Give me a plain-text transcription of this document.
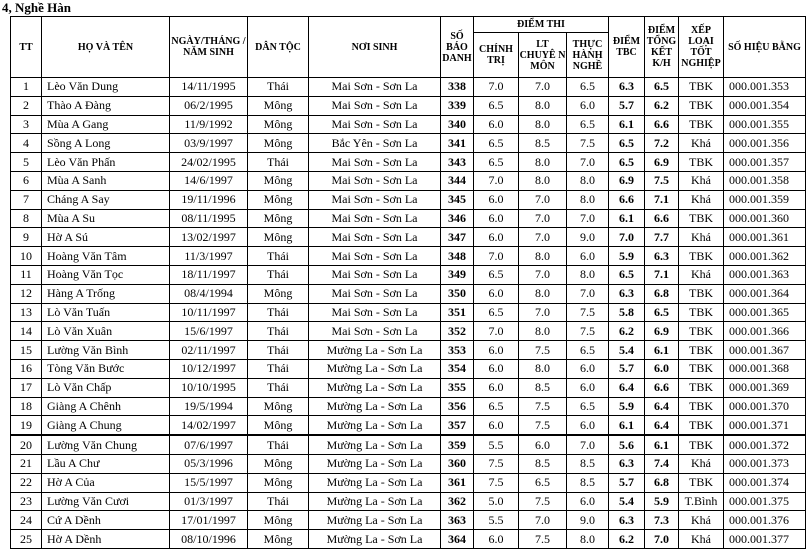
4, Nghề Hàn
TT	HỌ VÀ TÊN	NGÀY/THÁNG / NĂM SINH	DÂN TỘC	NƠI SINH	SỐ BÁO DANH	ĐIỂM THI			ĐIỂM TBC	ĐIỂM TỔNG KẾT K/H	XẾP LOẠI TỐT NGHIỆP	SỐ HIỆU BẰNG
						CHÍNH TRỊ	LT CHUYÊ N MÔN	THỰC HÀNH NGHỀ				
1	Lèo Văn Dung	14/11/1995	Thái	Mai Sơn - Sơn La	338	7.0	7.0	6.5	6.3	6.5	TBK	000.001.353
2	Thào A Đàng	06/2/1995	Mông	Mai Sơn - Sơn La	339	6.5	8.0	6.0	5.7	6.2	TBK	000.001.354
3	Mùa A Gang	11/9/1992	Mông	Mai Sơn - Sơn La	340	6.0	8.0	6.5	6.1	6.6	TBK	000.001.355
4	Sồng A Long	03/9/1997	Mông	Bắc Yên - Sơn La	341	6.5	8.5	7.5	6.5	7.2	Khá	000.001.356
5	Lèo Văn Phấn	24/02/1995	Thái	Mai Sơn - Sơn La	343	6.5	8.0	7.0	6.5	6.9	TBK	000.001.357
6	Mùa A Sanh	14/6/1997	Mông	Mai Sơn - Sơn La	344	7.0	8.0	8.0	6.9	7.5	Khá	000.001.358
7	Cháng A Say	19/11/1996	Mông	Mai Sơn - Sơn La	345	6.0	7.0	8.0	6.6	7.1	Khá	000.001.359
8	Mùa A Su	08/11/1995	Mông	Mai Sơn - Sơn La	346	6.0	7.0	7.0	6.1	6.6	TBK	000.001.360
9	Hờ A Sú	13/02/1997	Mông	Mai Sơn - Sơn La	347	6.0	7.0	9.0	7.0	7.7	Khá	000.001.361
10	Hoàng Văn Tâm	11/3/1997	Thái	Mai Sơn - Sơn La	348	7.0	8.0	6.0	5.9	6.3	TBK	000.001.362
11	Hoàng Văn Tọc	18/11/1997	Thái	Mai Sơn - Sơn La	349	6.5	7.0	8.0	6.5	7.1	Khá	000.001.363
12	Hàng A Trống	08/4/1994	Mông	Mai Sơn - Sơn La	350	6.0	8.0	7.0	6.3	6.8	TBK	000.001.364
13	Lò Văn Tuấn	10/11/1997	Thái	Mai Sơn - Sơn La	351	6.5	7.0	7.5	5.8	6.5	TBK	000.001.365
14	Lò Văn Xuân	15/6/1997	Thái	Mai Sơn - Sơn La	352	7.0	8.0	7.5	6.2	6.9	TBK	000.001.366
15	Lường Văn Bình	02/11/1997	Thái	Mường La - Sơn La	353	6.0	7.5	6.5	5.4	6.1	TBK	000.001.367
16	Tòng Văn Bước	10/12/1997	Thái	Mường La - Sơn La	354	6.0	8.0	6.0	5.7	6.0	TBK	000.001.368
17	Lò Văn Chấp	10/10/1995	Thái	Mường La - Sơn La	355	6.0	8.5	6.0	6.4	6.6	TBK	000.001.369
18	Giàng A Chênh	19/5/1994	Mông	Mường La - Sơn La	356	6.5	7.5	6.5	5.9	6.4	TBK	000.001.370
19	Giàng A Chung	14/02/1997	Mông	Mường La - Sơn La	357	6.0	7.5	6.0	6.1	6.4	TBK	000.001.371
20	Lường Văn Chung	07/6/1997	Thái	Mường La - Sơn La	359	5.5	6.0	7.0	5.6	6.1	TBK	000.001.372
21	Lầu A Chư	05/3/1996	Mông	Mường La - Sơn La	360	7.5	8.5	8.5	6.3	7.4	Khá	000.001.373
22	Hờ A Của	15/5/1997	Mông	Mường La - Sơn La	361	7.5	6.5	8.5	5.7	6.8	TBK	000.001.374
23	Lường Văn Cươi	01/3/1997	Thái	Mường La - Sơn La	362	5.0	7.5	6.0	5.4	5.9	T.Bình	000.001.375
24	Cứ A Dềnh	17/01/1997	Mông	Mường La - Sơn La	363	5.5	7.0	9.0	6.3	7.3	Khá	000.001.376
25	Hờ A Dềnh	08/10/1996	Mông	Mường La - Sơn La	364	6.0	7.5	8.0	6.2	7.0	Khá	000.001.377
